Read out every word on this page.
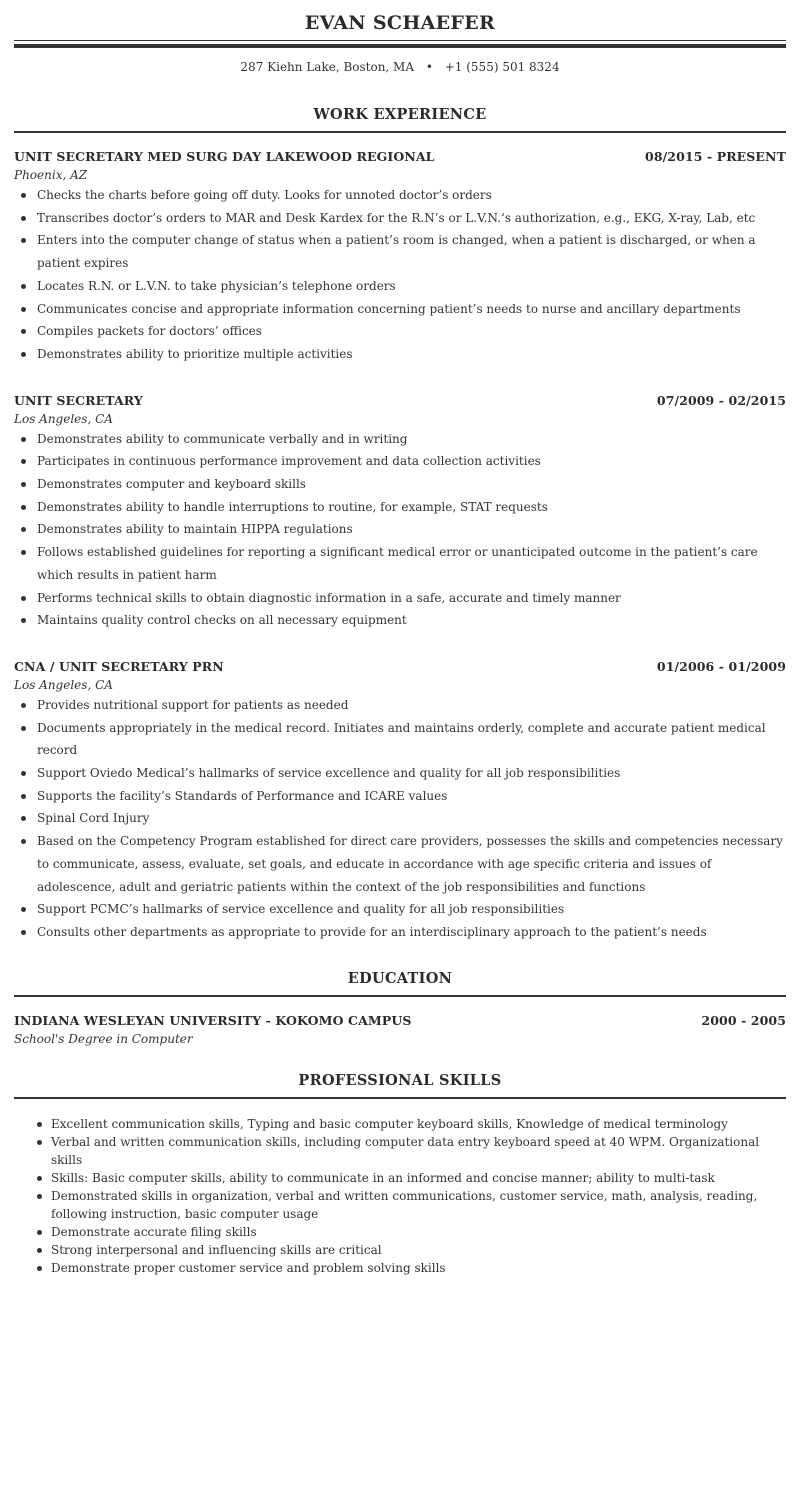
EVAN SCHAEFER
287 Kiehn Lake, Boston, MA • +1 (555) 501 8324
WORK EXPERIENCE
UNIT SECRETARY MED SURG DAY LAKEWOOD REGIONAL	08/2015 - PRESENT
Phoenix, AZ
Checks the charts before going off duty. Looks for unnoted doctor’s orders
Transcribes doctor’s orders to MAR and Desk Kardex for the R.N’s or L.V.N.‘s authorization, e.g., EKG, X-ray, Lab, etc
Enters into the computer change of status when a patient’s room is changed, when a patient is discharged, or when a patient expires
Locates R.N. or L.V.N. to take physician’s telephone orders
Communicates concise and appropriate information concerning patient’s needs to nurse and ancillary departments
Compiles packets for doctors’ offices
Demonstrates ability to prioritize multiple activities
UNIT SECRETARY	07/2009 - 02/2015
Los Angeles, CA
Demonstrates ability to communicate verbally and in writing
Participates in continuous performance improvement and data collection activities
Demonstrates computer and keyboard skills
Demonstrates ability to handle interruptions to routine, for example, STAT requests
Demonstrates ability to maintain HIPPA regulations
Follows established guidelines for reporting a significant medical error or unanticipated outcome in the patient’s care which results in patient harm
Performs technical skills to obtain diagnostic information in a safe, accurate and timely manner
Maintains quality control checks on all necessary equipment
CNA / UNIT SECRETARY PRN	01/2006 - 01/2009
Los Angeles, CA
Provides nutritional support for patients as needed
Documents appropriately in the medical record. Initiates and maintains orderly, complete and accurate patient medical record
Support Oviedo Medical’s hallmarks of service excellence and quality for all job responsibilities
Supports the facility’s Standards of Performance and ICARE values
Spinal Cord Injury
Based on the Competency Program established for direct care providers, possesses the skills and competencies necessary to communicate, assess, evaluate, set goals, and educate in accordance with age specific criteria and issues of adolescence, adult and geriatric patients within the context of the job responsibilities and functions
Support PCMC’s hallmarks of service excellence and quality for all job responsibilities
Consults other departments as appropriate to provide for an interdisciplinary approach to the patient’s needs
EDUCATION
INDIANA WESLEYAN UNIVERSITY - KOKOMO CAMPUS	2000 - 2005
School's Degree in Computer
PROFESSIONAL SKILLS
Excellent communication skills, Typing and basic computer keyboard skills, Knowledge of medical terminology
Verbal and written communication skills, including computer data entry keyboard speed at 40 WPM. Organizational skills
Skills: Basic computer skills, ability to communicate in an informed and concise manner; ability to multi-task
Demonstrated skills in organization, verbal and written communications, customer service, math, analysis, reading, following instruction, basic computer usage
Demonstrate accurate filing skills
Strong interpersonal and influencing skills are critical
Demonstrate proper customer service and problem solving skills
